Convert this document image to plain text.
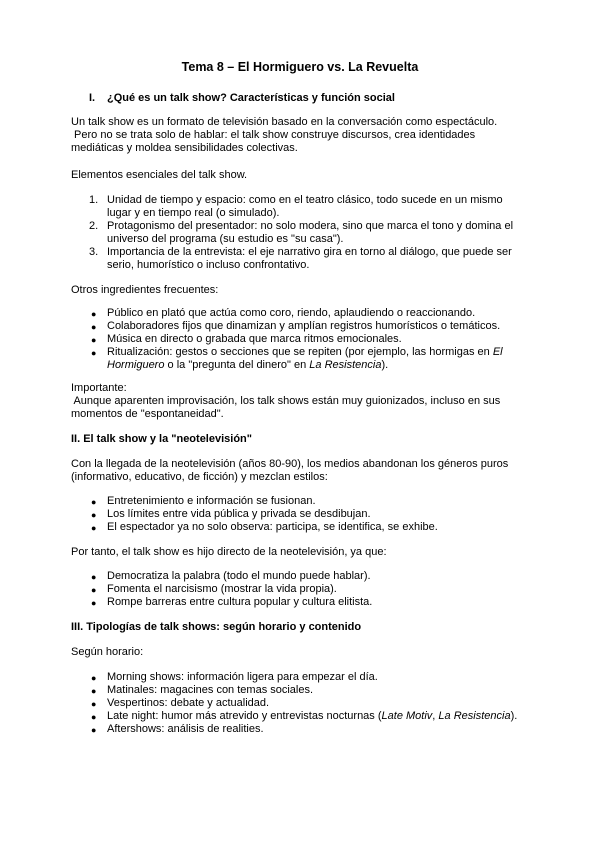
Tema 8 – El Hormiguero vs. La Revuelta
I. ¿Qué es un talk show? Características y función social
Un talk show es un formato de televisión basado en la conversación como espectáculo.
Pero no se trata solo de hablar: el talk show construye discursos, crea identidades
mediáticas y moldea sensibilidades colectivas.
Elementos esenciales del talk show.
1. Unidad de tiempo y espacio: como en el teatro clásico, todo sucede en un mismo
lugar y en tiempo real (o simulado).
2. Protagonismo del presentador: no solo modera, sino que marca el tono y domina el
universo del programa (su estudio es "su casa").
3. Importancia de la entrevista: el eje narrativo gira en torno al diálogo, que puede ser
serio, humorístico o incluso confrontativo.
Otros ingredientes frecuentes:
● Público en plató que actúa como coro, riendo, aplaudiendo o reaccionando.
● Colaboradores fijos que dinamizan y amplían registros humorísticos o temáticos.
● Música en directo o grabada que marca ritmos emocionales.
● Ritualización: gestos o secciones que se repiten (por ejemplo, las hormigas en El
Hormiguero o la "pregunta del dinero" en La Resistencia).
Importante:
Aunque aparenten improvisación, los talk shows están muy guionizados, incluso en sus
momentos de "espontaneidad".
II. El talk show y la "neotelevisión"
Con la llegada de la neotelevisión (años 80-90), los medios abandonan los géneros puros
(informativo, educativo, de ficción) y mezclan estilos:
● Entretenimiento e información se fusionan.
● Los límites entre vida pública y privada se desdibujan.
● El espectador ya no solo observa: participa, se identifica, se exhibe.
Por tanto, el talk show es hijo directo de la neotelevisión, ya que:
● Democratiza la palabra (todo el mundo puede hablar).
● Fomenta el narcisismo (mostrar la vida propia).
● Rompe barreras entre cultura popular y cultura elitista.
III. Tipologías de talk shows: según horario y contenido
Según horario:
● Morning shows: información ligera para empezar el día.
● Matinales: magacines con temas sociales.
● Vespertinos: debate y actualidad.
● Late night: humor más atrevido y entrevistas nocturnas (Late Motiv, La Resistencia).
● Aftershows: análisis de realities.
